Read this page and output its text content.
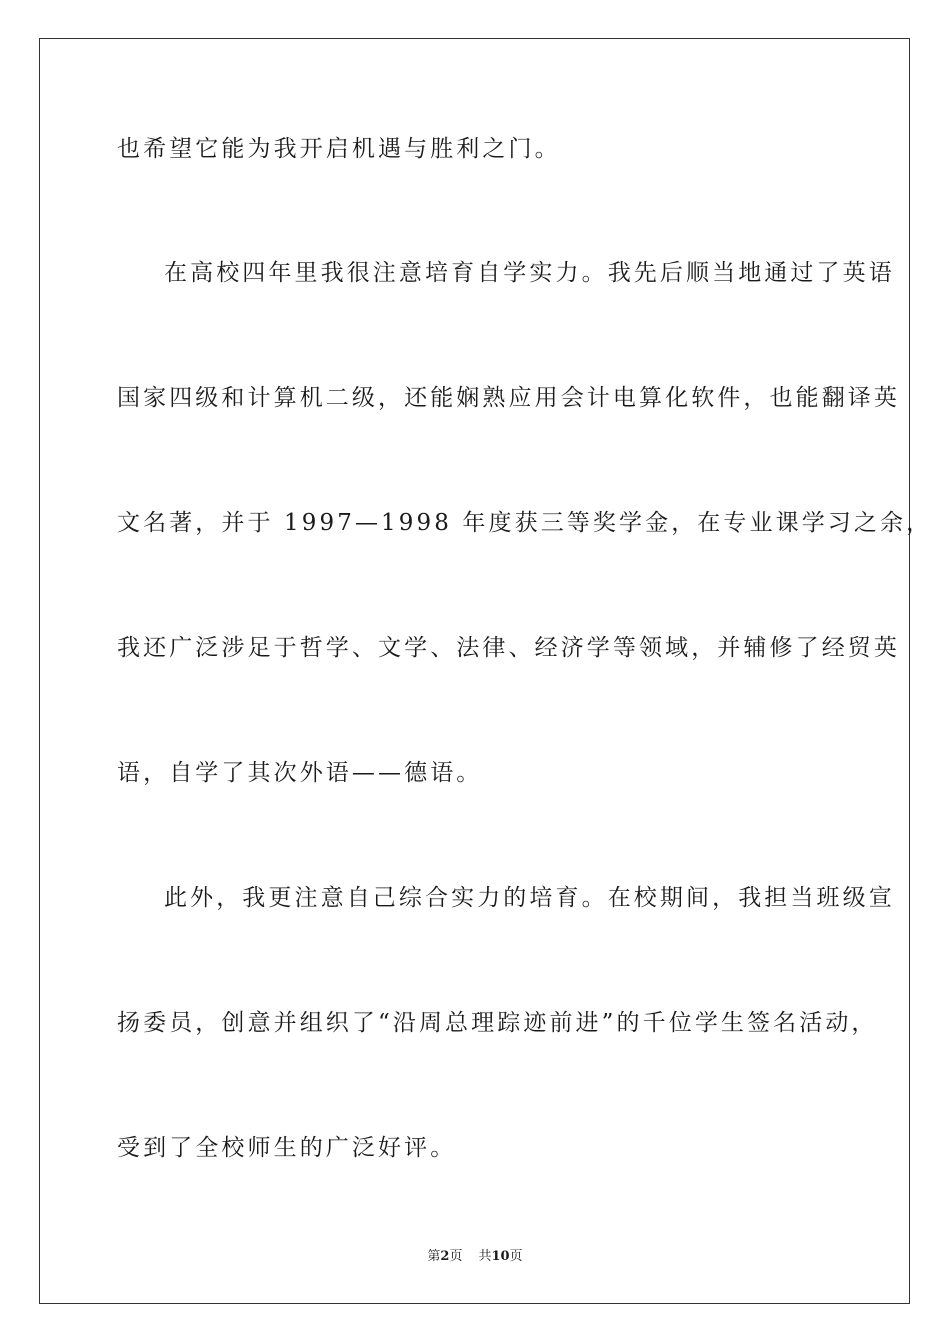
也希望它能为我开启机遇与胜利之门。
在高校四年里我很注意培育自学实力。我先后顺当地通过了英语
国家四级和计算机二级，还能娴熟应用会计电算化软件，也能翻译英
文名著，并于 1997—1998 年度获三等奖学金，在专业课学习之余，
我还广泛涉足于哲学、文学、法律、经济学等领域，并辅修了经贸英
语，自学了其次外语——德语。
此外，我更注意自己综合实力的培育。在校期间，我担当班级宣
扬委员，创意并组织了“沿周总理踪迹前进”的千位学生签名活动，
受到了全校师生的广泛好评。
第2页 共10页
